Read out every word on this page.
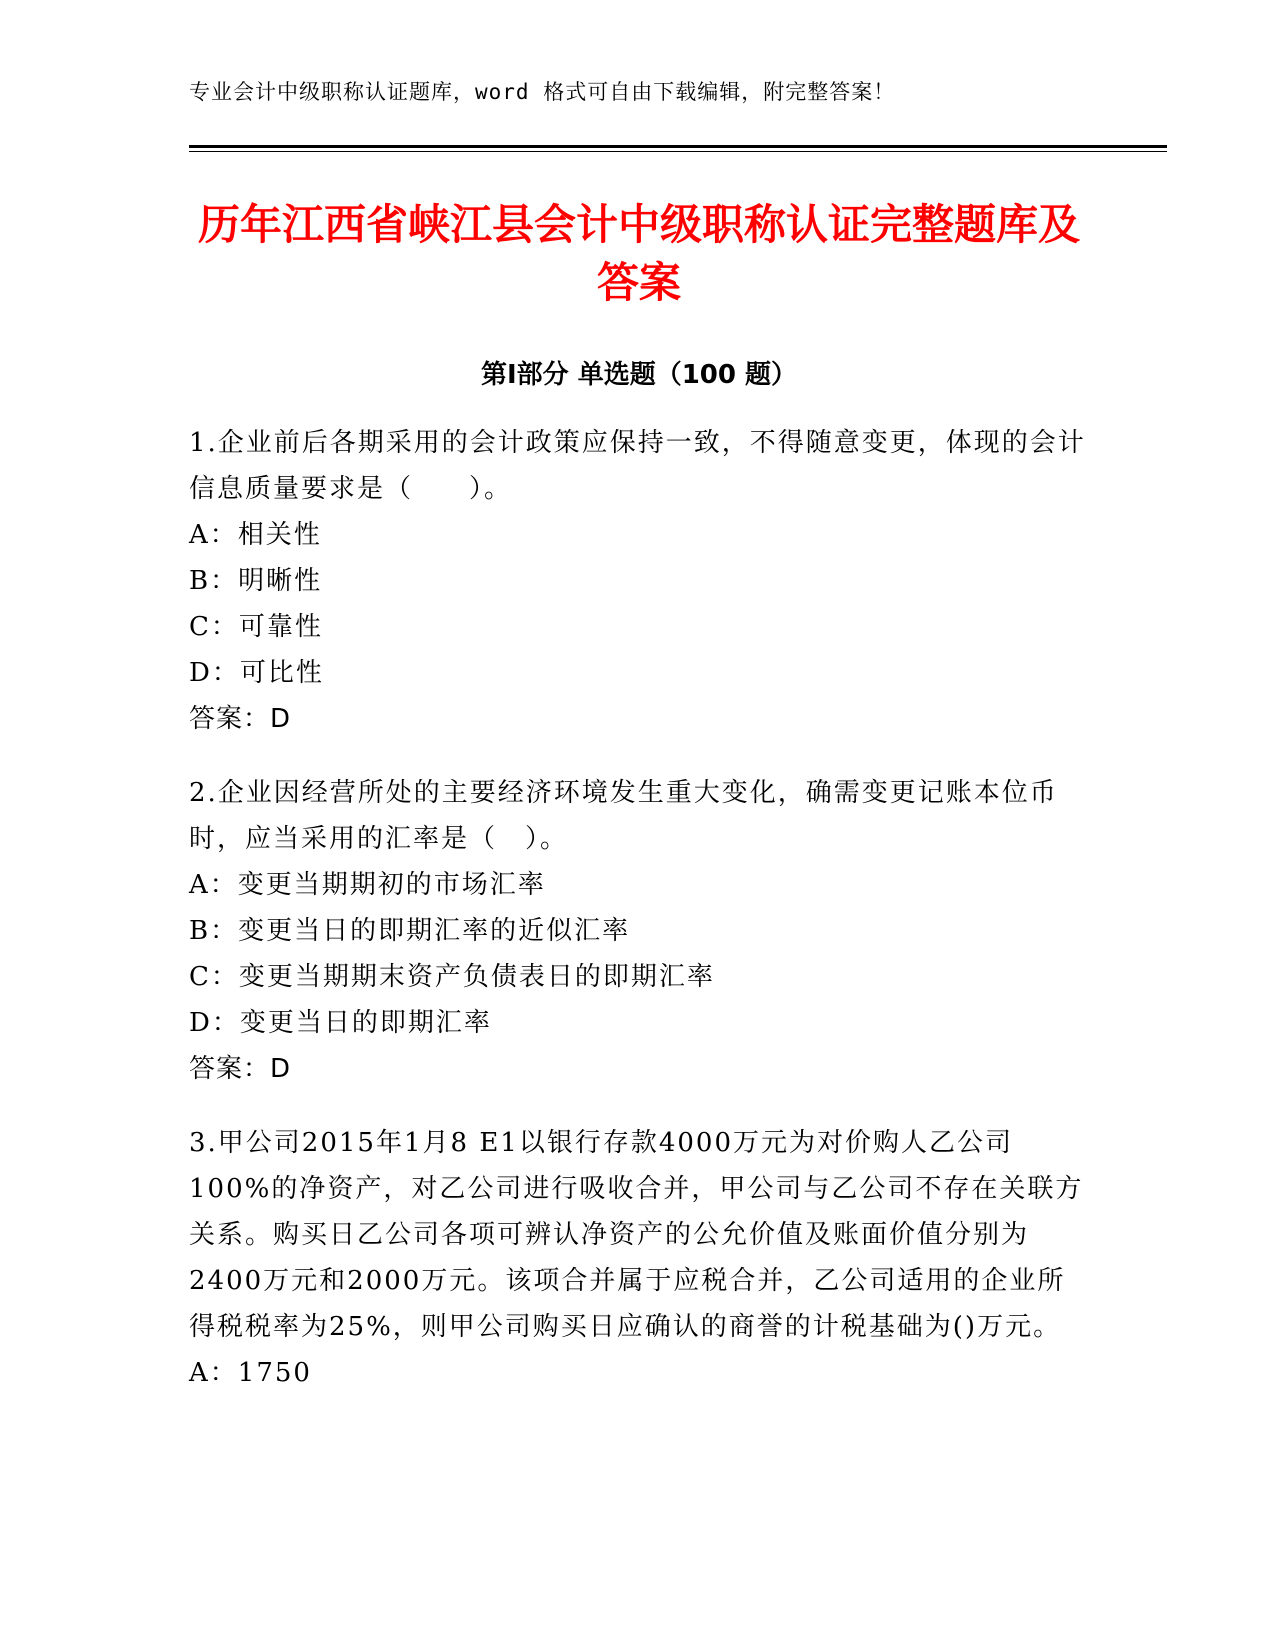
专业会计中级职称认证题库，word 格式可自由下载编辑，附完整答案！
历年江西省峡江县会计中级职称认证完整题库及答案
第Ⅰ部分 单选题（100 题）
1.企业前后各期采用的会计政策应保持一致，不得随意变更，体现的会计信息质量要求是（　　）。
A：相关性
B：明晰性
C：可靠性
D：可比性
答案：D
2.企业因经营所处的主要经济环境发生重大变化，确需变更记账本位币时，应当采用的汇率是（　）。
A：变更当期期初的市场汇率
B：变更当日的即期汇率的近似汇率
C：变更当期期末资产负债表日的即期汇率
D：变更当日的即期汇率
答案：D
3.甲公司2015年1月8 E1以银行存款4000万元为对价购人乙公司100%的净资产，对乙公司进行吸收合并，甲公司与乙公司不存在关联方关系。购买日乙公司各项可辨认净资产的公允价值及账面价值分别为2400万元和2000万元。该项合并属于应税合并，乙公司适用的企业所得税税率为25%，则甲公司购买日应确认的商誉的计税基础为()万元。
A：1750
